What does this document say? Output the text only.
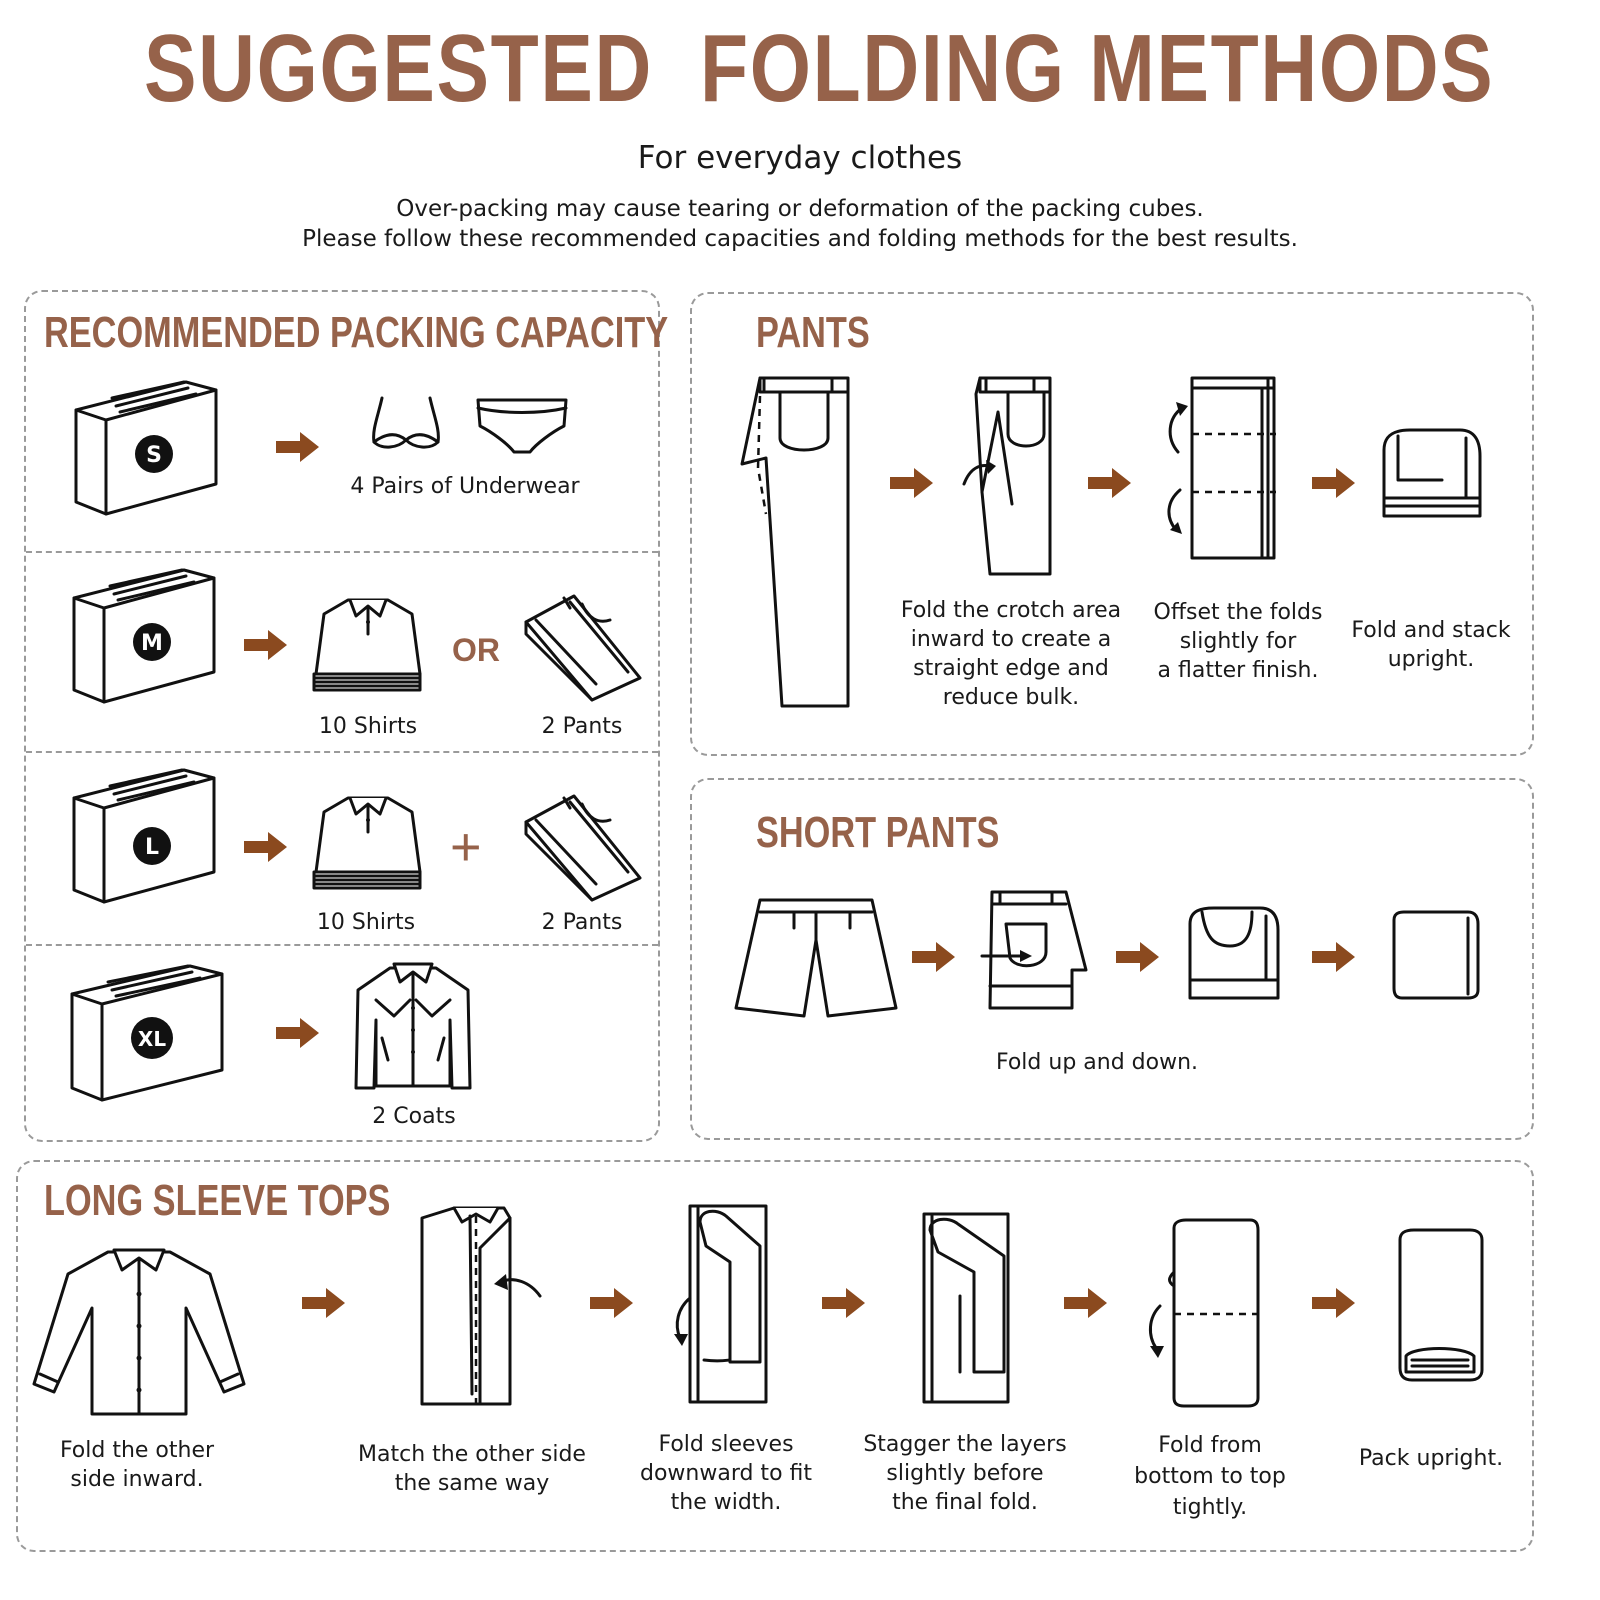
SUGGESTED  FOLDING METHODS
For everyday clothes
Over-packing may cause tearing or deformation of the packing cubes.
Please follow these recommended capacities and folding methods for the best results.
RECOMMENDED PACKING CAPACITY
S
4 Pairs of Underwear
M	OR
10 Shirts	2 Pants
L	+
10 Shirts	2 Pants
XL
2 Coats
PANTS
Fold the crotch area
inward to create a
straight edge and
reduce bulk.
Offset the folds
slightly for
a flatter finish.
Fold and stack
upright.
SHORT PANTS
Fold up and down.
LONG SLEEVE TOPS
Fold the other
side inward.
Match the other side
the same way
Fold sleeves
downward to fit
the width.
Stagger the layers
slightly before
the final fold.
Fold from
bottom to top
tightly.
Pack upright.
